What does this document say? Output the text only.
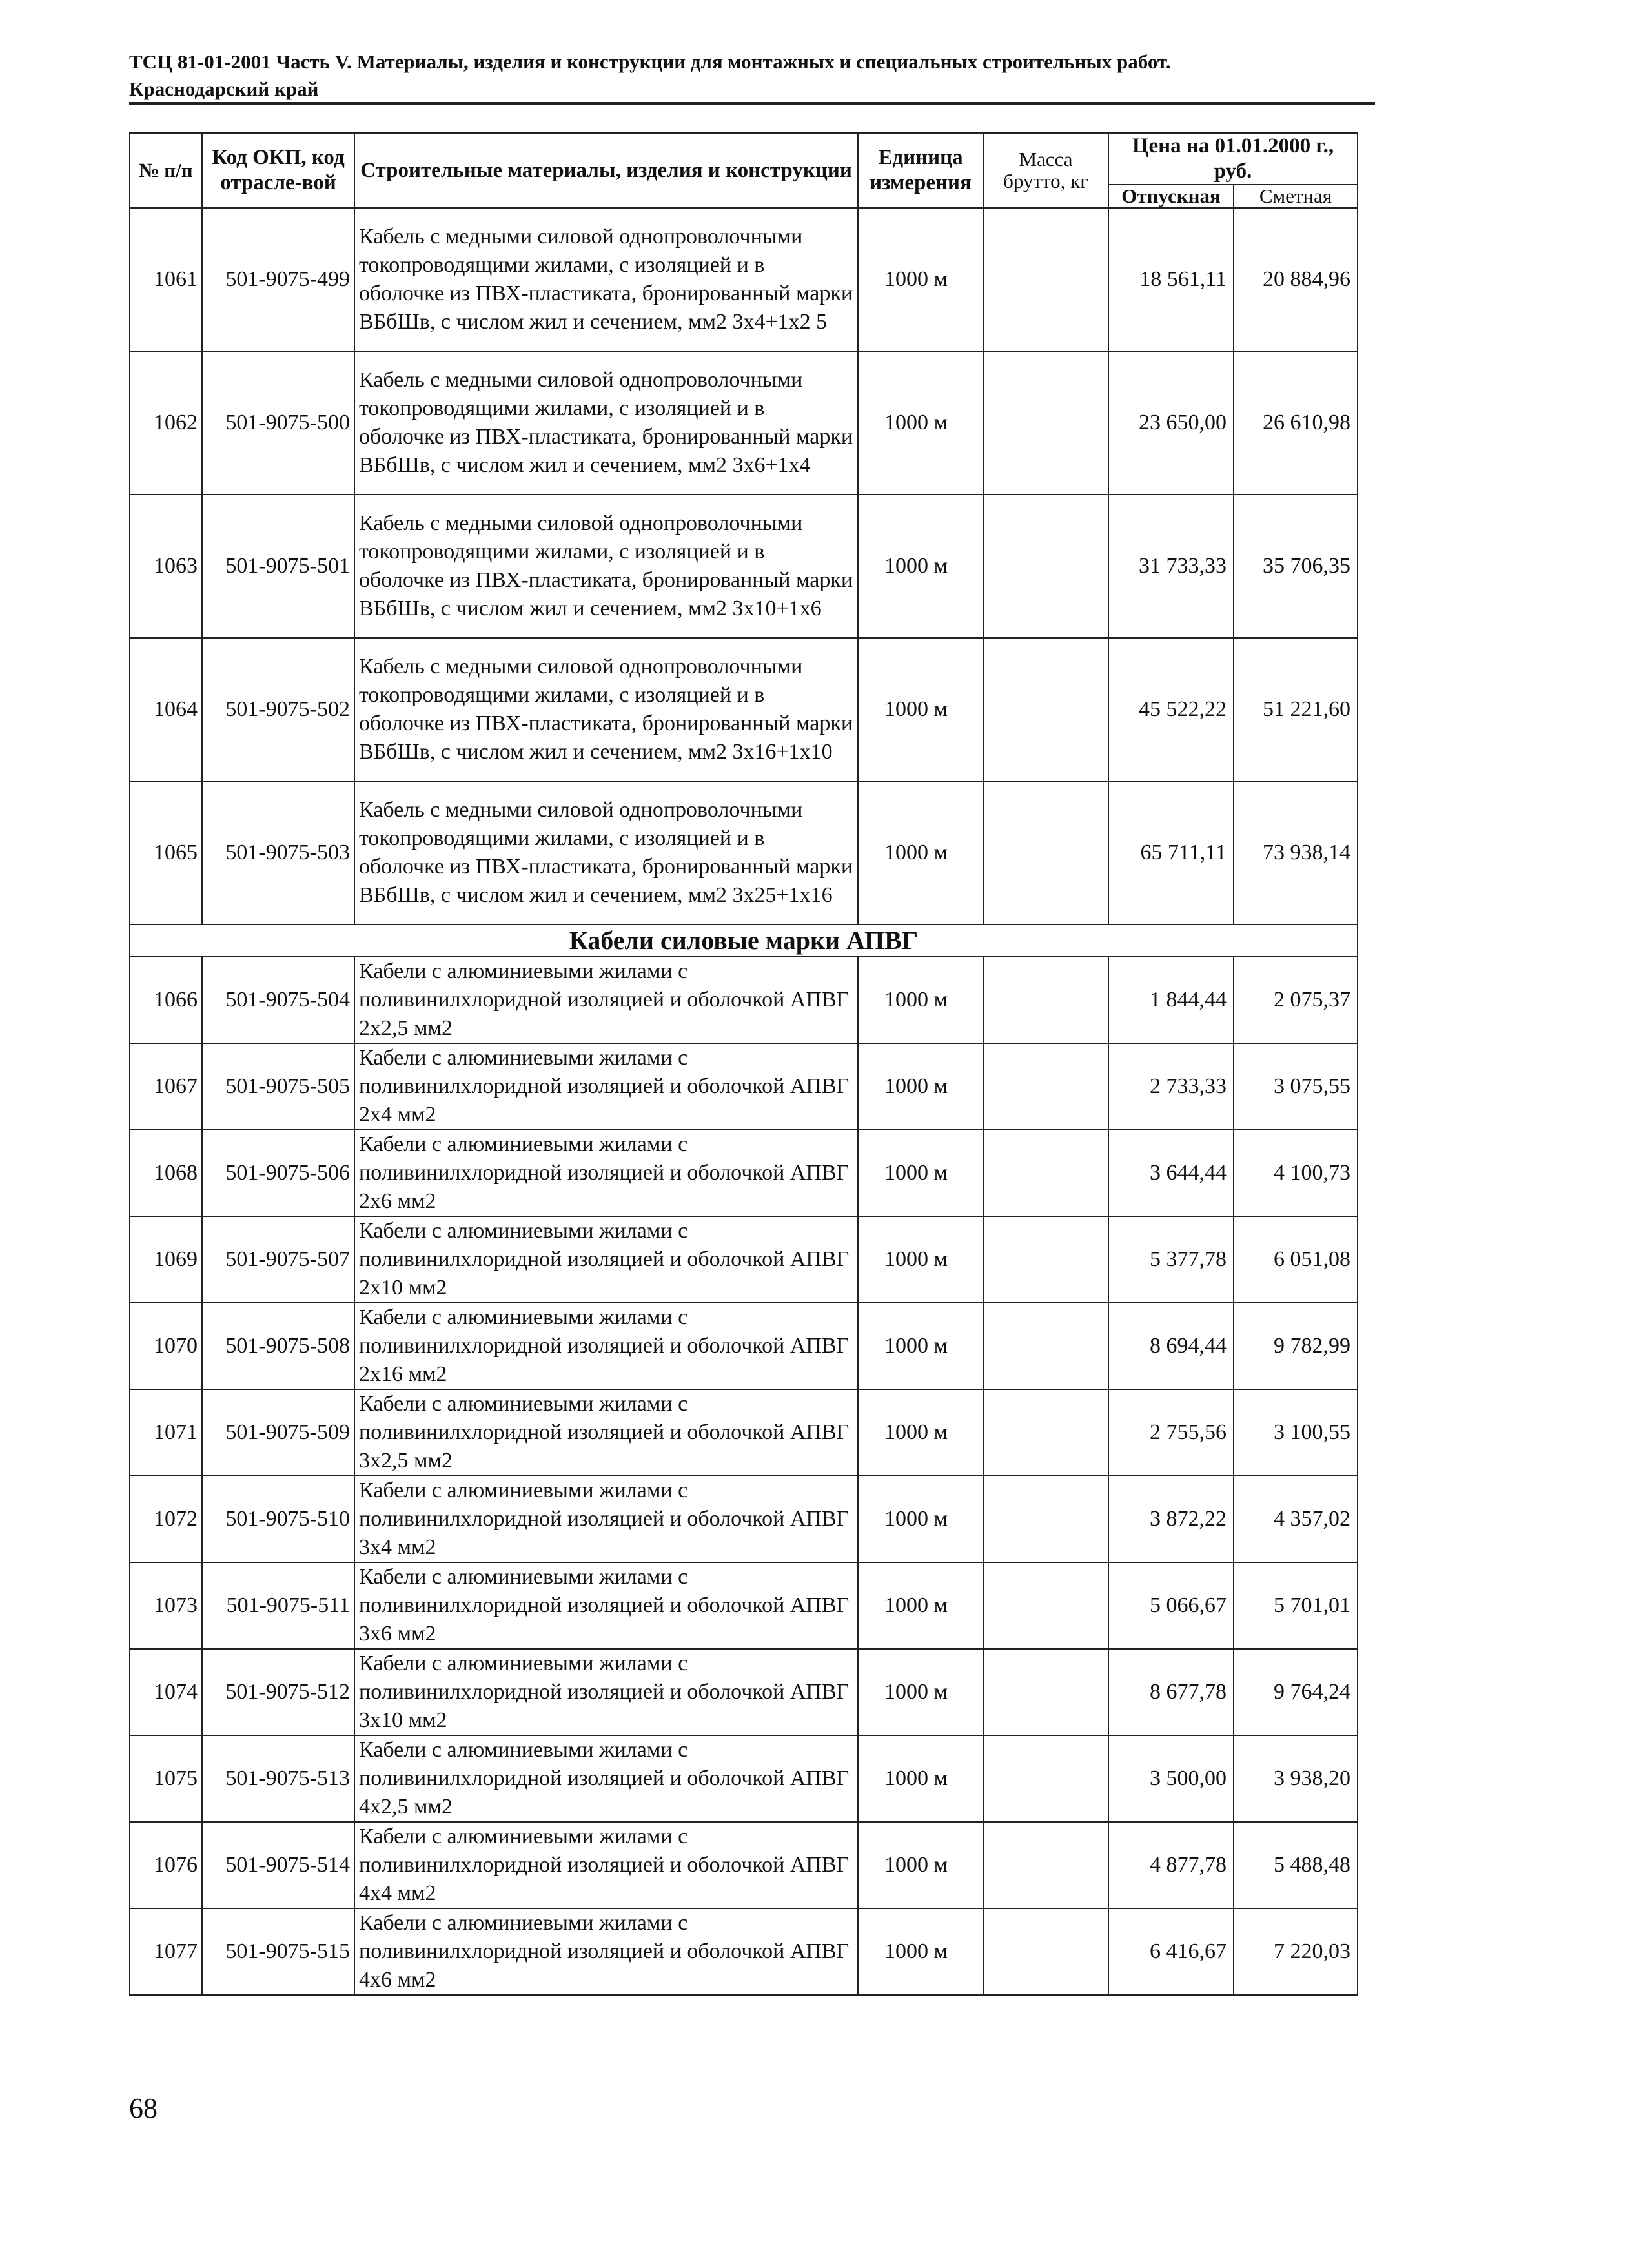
ТСЦ 81-01-2001 Часть V. Материалы, изделия и конструкции для монтажных и специальных строительных работ.
Краснодарский край
№ п/п	Код ОКП, код отрасле-вой	Строительные материалы, изделия и конструкции	Единица измерения	Масса брутто, кг	Цена на 01.01.2000 г., руб.	
					Отпускная	Сметная
1061	501-9075-499	Кабель с медными силовой однопроволочными токопроводящими жилами, с изоляцией и в оболочке из ПВХ-пластиката, бронированный марки ВБбШв, с числом жил и сечением, мм2 3х4+1х2 5	1000 м		18 561,11	20 884,96
1062	501-9075-500	Кабель с медными силовой однопроволочными токопроводящими жилами, с изоляцией и в оболочке из ПВХ-пластиката, бронированный марки ВБбШв, с числом жил и сечением, мм2 3х6+1х4	1000 м		23 650,00	26 610,98
1063	501-9075-501	Кабель с медными силовой однопроволочными токопроводящими жилами, с изоляцией и в оболочке из ПВХ-пластиката, бронированный марки ВБбШв, с числом жил и сечением, мм2 3х10+1х6	1000 м		31 733,33	35 706,35
1064	501-9075-502	Кабель с медными силовой однопроволочными токопроводящими жилами, с изоляцией и в оболочке из ПВХ-пластиката, бронированный марки ВБбШв, с числом жил и сечением, мм2 3х16+1х10	1000 м		45 522,22	51 221,60
1065	501-9075-503	Кабель с медными силовой однопроволочными токопроводящими жилами, с изоляцией и в оболочке из ПВХ-пластиката, бронированный марки ВБбШв, с числом жил и сечением, мм2 3х25+1х16	1000 м		65 711,11	73 938,14
Кабели силовые марки АПВГ						
1066	501-9075-504	Кабели с алюминиевыми жилами с поливинилхлоридной изоляцией и оболочкой АПВГ 2х2,5 мм2	1000 м		1 844,44	2 075,37
1067	501-9075-505	Кабели с алюминиевыми жилами с поливинилхлоридной изоляцией и оболочкой АПВГ 2х4 мм2	1000 м		2 733,33	3 075,55
1068	501-9075-506	Кабели с алюминиевыми жилами с поливинилхлоридной изоляцией и оболочкой АПВГ 2х6 мм2	1000 м		3 644,44	4 100,73
1069	501-9075-507	Кабели с алюминиевыми жилами с поливинилхлоридной изоляцией и оболочкой АПВГ 2х10 мм2	1000 м		5 377,78	6 051,08
1070	501-9075-508	Кабели с алюминиевыми жилами с поливинилхлоридной изоляцией и оболочкой АПВГ 2х16 мм2	1000 м		8 694,44	9 782,99
1071	501-9075-509	Кабели с алюминиевыми жилами с поливинилхлоридной изоляцией и оболочкой АПВГ 3х2,5 мм2	1000 м		2 755,56	3 100,55
1072	501-9075-510	Кабели с алюминиевыми жилами с поливинилхлоридной изоляцией и оболочкой АПВГ 3х4 мм2	1000 м		3 872,22	4 357,02
1073	501-9075-511	Кабели с алюминиевыми жилами с поливинилхлоридной изоляцией и оболочкой АПВГ 3х6 мм2	1000 м		5 066,67	5 701,01
1074	501-9075-512	Кабели с алюминиевыми жилами с поливинилхлоридной изоляцией и оболочкой АПВГ 3х10 мм2	1000 м		8 677,78	9 764,24
1075	501-9075-513	Кабели с алюминиевыми жилами с поливинилхлоридной изоляцией и оболочкой АПВГ 4х2,5 мм2	1000 м		3 500,00	3 938,20
1076	501-9075-514	Кабели с алюминиевыми жилами с поливинилхлоридной изоляцией и оболочкой АПВГ 4х4 мм2	1000 м		4 877,78	5 488,48
1077	501-9075-515	Кабели с алюминиевыми жилами с поливинилхлоридной изоляцией и оболочкой АПВГ 4х6 мм2	1000 м		6 416,67	7 220,03
68
